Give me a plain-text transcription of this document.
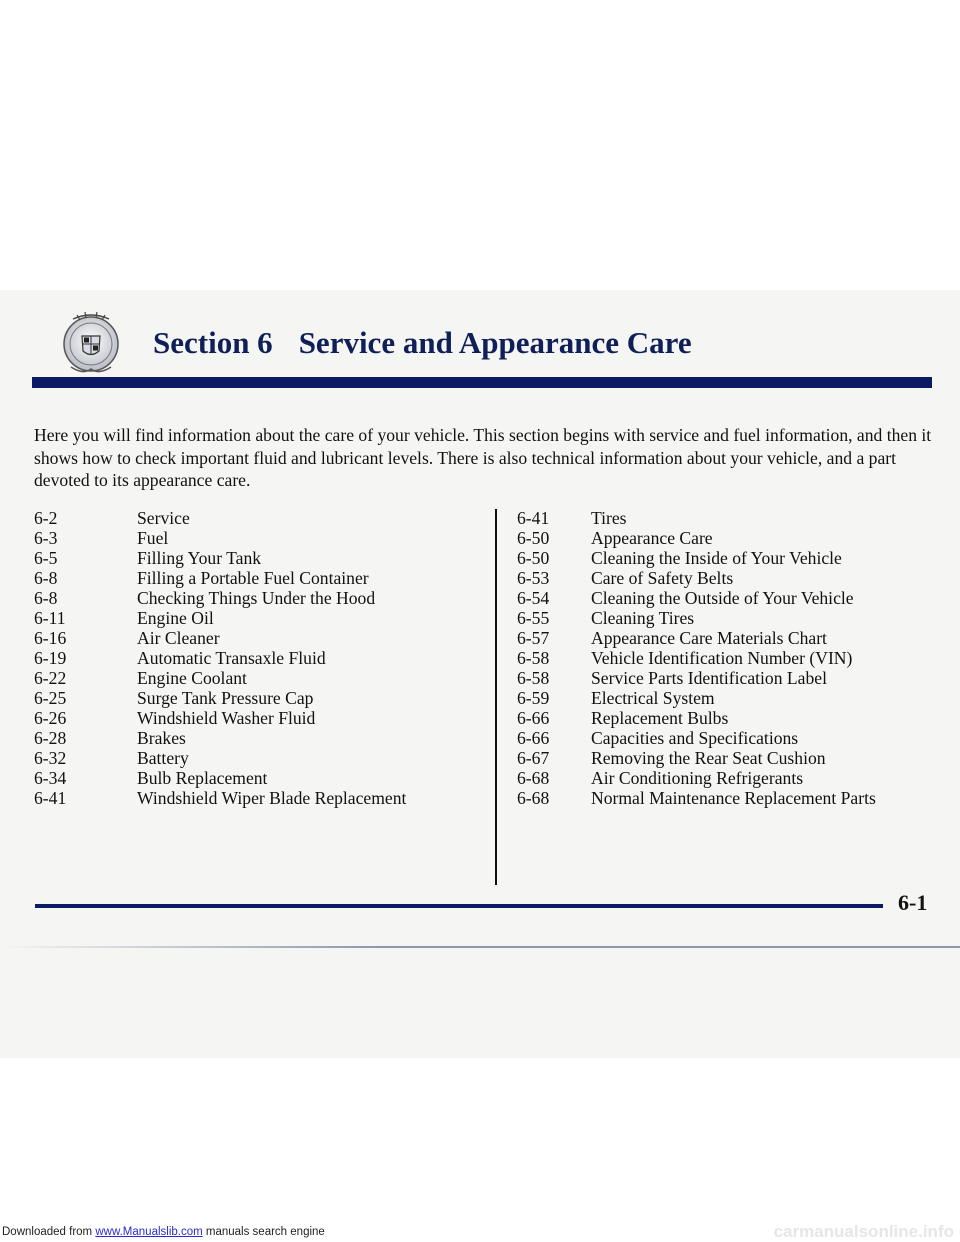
Section 6 Service and Appearance Care

Here you will find information about the care of your vehicle. This section begins with service and fuel information, and then it shows how to check important fluid and lubricant levels. There is also technical information about your vehicle, and a part devoted to its appearance care.

6-2	Service
6-3	Fuel
6-5	Filling Your Tank
6-8	Filling a Portable Fuel Container
6-8	Checking Things Under the Hood
6-11	Engine Oil
6-16	Air Cleaner
6-19	Automatic Transaxle Fluid
6-22	Engine Coolant
6-25	Surge Tank Pressure Cap
6-26	Windshield Washer Fluid
6-28	Brakes
6-32	Battery
6-34	Bulb Replacement
6-41	Windshield Wiper Blade Replacement
6-41	Tires
6-50	Appearance Care
6-50	Cleaning the Inside of Your Vehicle
6-53	Care of Safety Belts
6-54	Cleaning the Outside of Your Vehicle
6-55	Cleaning Tires
6-57	Appearance Care Materials Chart
6-58	Vehicle Identification Number (VIN)
6-58	Service Parts Identification Label
6-59	Electrical System
6-66	Replacement Bulbs
6-66	Capacities and Specifications
6-67	Removing the Rear Seat Cushion
6-68	Air Conditioning Refrigerants
6-68	Normal Maintenance Replacement Parts
6-1
Downloaded from www.Manualslib.com manuals search engine	carmanualsonline.info
